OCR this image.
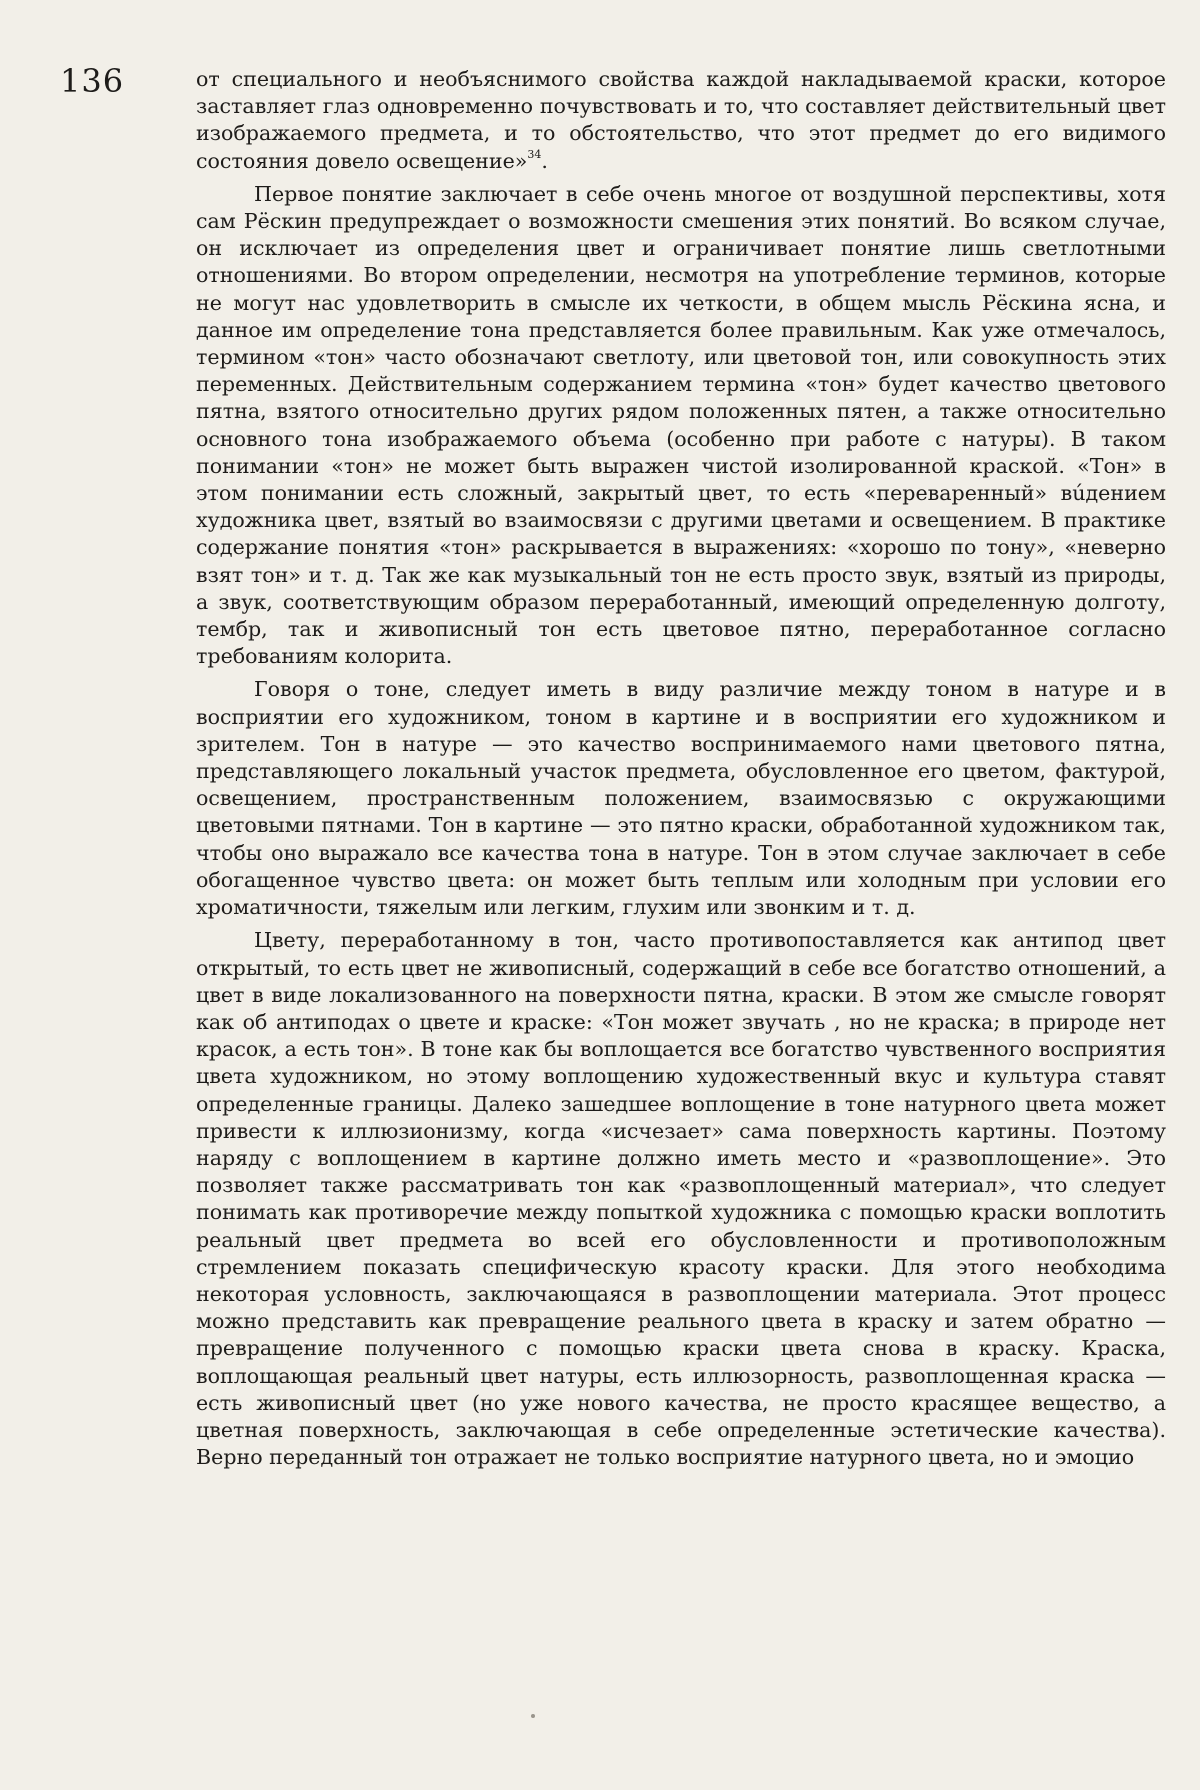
136	от специального и необъяснимого свойства каждой накладываемой краски, которое заставляет глаз одновременно почувствовать и то, что составляет действительный цвет изображаемого предмета, и то обстоятельство, что этот предмет до его видимого состояния довело освещение»34.

Первое понятие заключает в себе очень многое от воздушной перспек­тивы, хотя сам Рёскин предупреждает о возможности смешения этих понятий. Во всяком случае, он исключает из определения цвет и ограни­чивает понятие лишь светлотными отношениями. Во втором определении, несмотря на употребление терминов, которые не могут нас удовлетворить в смысле их четкости, в общем мысль Рёскина ясна, и данное им определе­ние тона представляется более правильным. Как уже отмечалось, термином «тон» часто обозначают светлоту, или цветовой тон, или совокупность этих переменных. Действительным содержанием термина «тон» будет качество цветового пятна, взятого относительно других рядом положенных пятен, а также относительно основного тона изображаемого объема (особенно при работе с натуры). В таком понимании «тон» не может быть выражен чистой изолированной краской. «Тон» в этом понимании есть сложный, закрытый цвет, то есть «переваренный» вúдением художника цвет, взятый во взаимо­связи с другими цветами и освещением. В практике содержание понятия «тон» раскрывается в выражениях: «хорошо по тону», «неверно взят тон» и т. д. Так же как музыкальный тон не есть просто звук, взятый из природы, а звук, соответствующим образом переработанный, имеющий определенную долготу, тембр, так и живописный тон есть цветовое пятно, переработанное согласно требованиям колорита.

Говоря о тоне, следует иметь в виду различие между тоном в натуре и в восприятии его художником, тоном в картине и в восприятии его художни­ком и зрителем. Тон в натуре — это качество воспринимаемого нами цветового пятна, представляющего локальный участок предмета, обуслов­ленное его цветом, фактурой, освещением, пространственным положе­нием, взаимосвязью с окружающими цветовыми пятнами. Тон в кар­тине — это пятно краски, обработанной художником так, чтобы оно выражало все качества тона в натуре. Тон в этом случае заключает в себе обогащенное чувство цвета: он может быть теплым или холод­ным при условии его хроматичности, тяжелым или легким, глухим или звонким и т. д.

Цвету, переработанному в тон, часто противопоставляется как антипод цвет открытый, то есть цвет не живописный, содержащий в себе все бо­гатство отношений, а цвет в виде локализованного на поверхности пятна, краски. В этом же смысле говорят как об антиподах о цвете и краске: «Тон может звучать , но не краска; в природе нет красок, а есть тон». В тоне как бы воплощается все богатство чувственного восприятия цвета художником, но этому воплощению художественный вкус и культура ставят определенные границы. Далеко зашедшее воплощение в тоне натурного цвета может при­вести к иллюзионизму, когда «исчезает» сама поверхность картины. Поэтому наряду с воплощением в картине должно иметь место и «развоплощение». Это позволяет также рассматривать тон как «развоплощенный материал», что следует понимать как противоречие между попыткой художника с по­мощью краски воплотить реальный цвет предмета во всей его обусловленно­сти и противоположным стремлением показать специфическую красоту краски. Для этого необходима некоторая условность, заключающаяся в раз­воплощении материала. Этот процесс можно представить как превращение реального цвета в краску и затем обратно — превращение полученного с по­мощью краски цвета снова в краску. Краска, воплощающая реальный цвет натуры, есть иллюзорность, развоплощенная краска — есть живописный цвет (но уже нового качества, не просто красящее вещество, а цветная поверх­ность, заключающая в себе определенные эстетические качества). Верно пе­реданный тон отражает не только восприятие натурного цвета, но и эмоцио­
